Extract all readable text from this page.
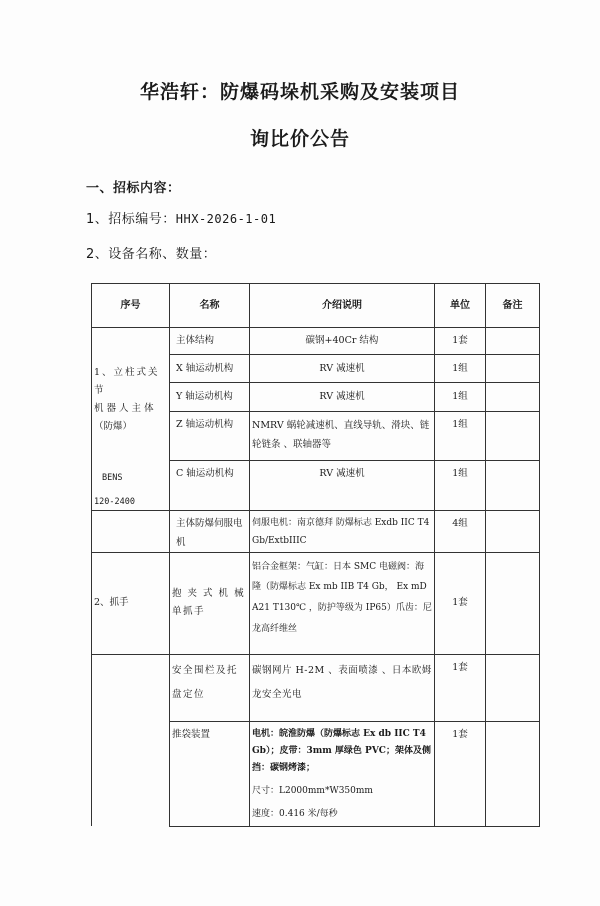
华浩轩：防爆码垛机采购及安装项目
询比价公告
一、招标内容：
1、招标编号：HHX-2026-1-01
2、设备名称、数量：
序号	名称	介绍说明	单位	备注

1、立柱式关节
机 器 人 主 体
（防爆）
BENS
120-2400	主体结构	碳钢+40Cr 结构	1套	
	X 轴运动机构	RV 减速机	1组	
	Y 轴运动机构	RV 减速机	1组	
	Z 轴运动机构	NMRV 蜗轮减速机、直线导轨、滑块、链 轮链条 、联轴器等	1组	
	C 轴运动机构	RV 减速机	1组	
	主体防爆伺服电机	伺服电机：南京德拜 防爆标志 Exdb IIC T4 Gb/ExtbIIIC	4组	
2、抓手	抱 夹 式 机 械 单抓手	铝合金框架：气缸：日本 SMC 电磁阀：海隆（防爆标志 Ex mb IIB T4 Gb， Ex mD A21 T130℃ ，防护等级为 IP65）爪齿：尼龙高纤维丝	1套	
	安全围栏及托盘定位	碳钢网片 H-2M 、表面喷漆 、日本欧姆龙安全光电	1套	
	推袋装置	电机：皖淮防爆（防爆标志 Ex db IIC T4 Gb）；皮带：3mm 厚绿色 PVC；架体及侧挡：碳钢烤漆；
尺寸：L2000mm*W350mm
速度：0.416 米/每秒	1套	
